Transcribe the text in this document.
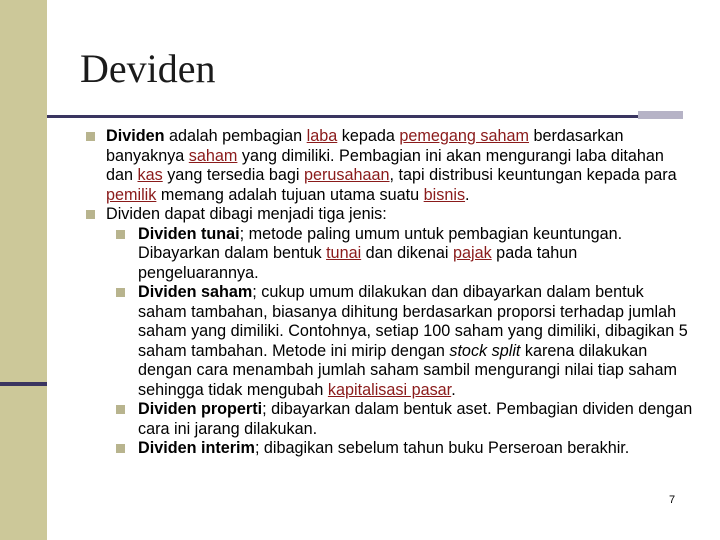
Deviden
Dividen adalah pembagian laba kepada pemegang saham berdasarkan banyaknya saham yang dimiliki. Pembagian ini akan mengurangi laba ditahan dan kas yang tersedia bagi perusahaan, tapi distribusi keuntungan kepada para pemilik memang adalah tujuan utama suatu bisnis.
Dividen dapat dibagi menjadi tiga jenis:
Dividen tunai; metode paling umum untuk pembagian keuntungan. Dibayarkan dalam bentuk tunai dan dikenai pajak pada tahun pengeluarannya.
Dividen saham; cukup umum dilakukan dan dibayarkan dalam bentuk saham tambahan, biasanya dihitung berdasarkan proporsi terhadap jumlah saham yang dimiliki. Contohnya, setiap 100 saham yang dimiliki, dibagikan 5 saham tambahan. Metode ini mirip dengan stock split karena dilakukan dengan cara menambah jumlah saham sambil mengurangi nilai tiap saham sehingga tidak mengubah kapitalisasi pasar.
Dividen properti; dibayarkan dalam bentuk aset. Pembagian dividen dengan cara ini jarang dilakukan.
Dividen interim; dibagikan sebelum tahun buku Perseroan berakhir.
7
